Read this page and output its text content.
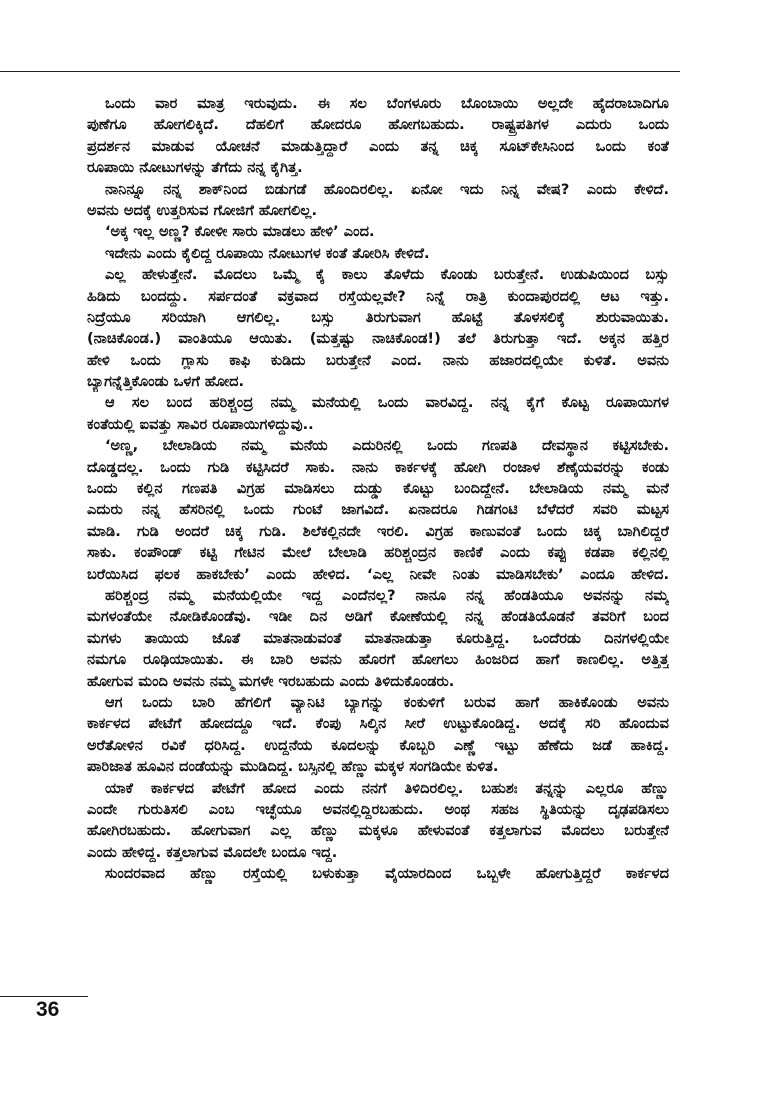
ಒಂದು ವಾರ ಮಾತ್ರ ಇರುವುದು. ಈ ಸಲ ಬೆಂಗಳೂರು ಬೊಂಬಾಯಿ ಅಲ್ಲದೇ ಹೈದರಾಬಾದಿಗೂ
ಪುಣೆಗೂ ಹೋಗಲಿಕ್ಕಿದೆ. ದೆಹಲಿಗೆ ಹೋದರೂ ಹೋಗಬಹುದು. ರಾಷ್ಟ್ರಪತಿಗಳ ಎದುರು ಒಂದು
ಪ್ರದರ್ಶನ ಮಾಡುವ ಯೋಚನೆ ಮಾಡುತ್ತಿದ್ದಾರೆ ಎಂದು ತನ್ನ ಚಿಕ್ಕ ಸೂಟ್‌ಕೇಸಿನಿಂದ ಒಂದು ಕಂತೆ
ರೂಪಾಯಿ ನೋಟುಗಳನ್ನು ತೆಗೆದು ನನ್ನ ಕೈಗಿತ್ತ.
ನಾನಿನ್ನೂ ನನ್ನ ಶಾಕ್‌ನಿಂದ ಬಿಡುಗಡೆ ಹೊಂದಿರಲಿಲ್ಲ. ಏನೋ ಇದು ನಿನ್ನ ವೇಷ? ಎಂದು ಕೇಳಿದೆ.
ಅವನು ಅದಕ್ಕೆ ಉತ್ತರಿಸುವ ಗೋಜಿಗೆ ಹೋಗಲಿಲ್ಲ.
‘ಅಕ್ಕ ಇಲ್ಲ ಅಣ್ಣ? ಕೋಳೀ ಸಾರು ಮಾಡಲು ಹೇಳಿ’ ಎಂದ.
ಇದೇನು ಎಂದು ಕೈಲಿದ್ದ ರೂಪಾಯಿ ನೋಟುಗಳ ಕಂತೆ ತೋರಿಸಿ ಕೇಳಿದೆ.
ಎಲ್ಲ ಹೇಳುತ್ತೇನೆ. ಮೊದಲು ಒಮ್ಮೆ ಕೈ ಕಾಲು ತೊಳೆದು ಕೊಂಡು ಬರುತ್ತೇನೆ. ಉಡುಪಿಯಿಂದ ಬಸ್ಸು
ಹಿಡಿದು ಬಂದದ್ದು. ಸರ್ಪದಂತೆ ವಕ್ರವಾದ ರಸ್ತೆಯಲ್ಲವೇ? ನಿನ್ನೆ ರಾತ್ರಿ ಕುಂದಾಪುರದಲ್ಲಿ ಆಟ ಇತ್ತು.
ನಿದ್ರೆಯೂ ಸರಿಯಾಗಿ ಆಗಲಿಲ್ಲ. ಬಸ್ಸು ತಿರುಗುವಾಗ ಹೊಟ್ಟೆ ತೊಳಸಲಿಕ್ಕೆ ಶುರುವಾಯಿತು.
(ನಾಚಿಕೊಂಡ.) ವಾಂತಿಯೂ ಆಯಿತು. (ಮತ್ತಷ್ಟು ನಾಚಿಕೊಂಡ!) ತಲೆ ತಿರುಗುತ್ತಾ ಇದೆ. ಅಕ್ಕನ ಹತ್ತಿರ
ಹೇಳಿ ಒಂದು ಗ್ಲಾಸು ಕಾಫಿ ಕುಡಿದು ಬರುತ್ತೇನೆ ಎಂದ. ನಾನು ಹಜಾರದಲ್ಲಿಯೇ ಕುಳಿತೆ. ಅವನು
ಬ್ಯಾಗನ್ನೆತ್ತಿಕೊಂಡು ಒಳಗೆ ಹೋದ.
ಆ ಸಲ ಬಂದ ಹರಿಶ್ಚಂದ್ರ ನಮ್ಮ ಮನೆಯಲ್ಲಿ ಒಂದು ವಾರವಿದ್ದ. ನನ್ನ ಕೈಗೆ ಕೊಟ್ಟ ರೂಪಾಯಿಗಳ
ಕಂತೆಯಲ್ಲಿ ಐವತ್ತು ಸಾವಿರ ರೂಪಾಯಿಗಳಿದ್ದುವು..
‘ಅಣ್ಣ, ಬೇಲಾಡಿಯ ನಮ್ಮ ಮನೆಯ ಎದುರಿನಲ್ಲಿ ಒಂದು ಗಣಪತಿ ದೇವಸ್ಥಾನ ಕಟ್ಟಿಸಬೇಕು.
ದೊಡ್ಡದಲ್ಲ. ಒಂದು ಗುಡಿ ಕಟ್ಟಿಸಿದರೆ ಸಾಕು. ನಾನು ಕಾರ್ಕಳಕ್ಕೆ ಹೋಗಿ ರಂಜಾಳ ಶೆಣೈಯವರನ್ನು ಕಂಡು
ಒಂದು ಕಲ್ಲಿನ ಗಣಪತಿ ವಿಗ್ರಹ ಮಾಡಿಸಲು ದುಡ್ಡು ಕೊಟ್ಟು ಬಂದಿದ್ದೇನೆ. ಬೇಲಾಡಿಯ ನಮ್ಮ ಮನೆ
ಎದುರು ನನ್ನ ಹೆಸರಿನಲ್ಲಿ ಒಂದು ಗುಂಟೆ ಜಾಗವಿದೆ. ಏನಾದರೂ ಗಿಡಗಂಟಿ ಬೆಳೆದರೆ ಸವರಿ ಮಟ್ಟಸ
ಮಾಡಿ. ಗುಡಿ ಅಂದರೆ ಚಿಕ್ಕ ಗುಡಿ. ಶಿಲೆಕಲ್ಲಿನದೇ ಇರಲಿ. ವಿಗ್ರಹ ಕಾಣುವಂತೆ ಒಂದು ಚಿಕ್ಕ ಬಾಗಿಲಿದ್ದರೆ
ಸಾಕು. ಕಂಪೌಂಡ್ ಕಟ್ಟಿ ಗೇಟಿನ ಮೇಲೆ ಬೇಲಾಡಿ ಹರಿಶ್ಚಂದ್ರನ ಕಾಣಿಕೆ ಎಂದು ಕಪ್ಪು ಕಡಪಾ ಕಲ್ಲಿನಲ್ಲಿ
ಬರೆಯಿಸಿದ ಫಲಕ ಹಾಕಬೇಕು’ ಎಂದು ಹೇಳಿದ. ‘ಎಲ್ಲ ನೀವೇ ನಿಂತು ಮಾಡಿಸಬೇಕು’ ಎಂದೂ ಹೇಳಿದ.
ಹರಿಶ್ಚಂದ್ರ ನಮ್ಮ ಮನೆಯಲ್ಲಿಯೇ ಇದ್ದ ಎಂದೆನಲ್ಲ? ನಾನೂ ನನ್ನ ಹೆಂಡತಿಯೂ ಅವನನ್ನು ನಮ್ಮ
ಮಗಳಂತೆಯೇ ನೋಡಿಕೊಂಡೆವು. ಇಡೀ ದಿನ ಅಡಿಗೆ ಕೋಣೆಯಲ್ಲಿ ನನ್ನ ಹೆಂಡತಿಯೊಡನೆ ತವರಿಗೆ ಬಂದ
ಮಗಳು ತಾಯಿಯ ಜೊತೆ ಮಾತನಾಡುವಂತೆ ಮಾತನಾಡುತ್ತಾ ಕೂರುತ್ತಿದ್ದ. ಒಂದೆರಡು ದಿನಗಳಲ್ಲಿಯೇ
ನಮಗೂ ರೂಢಿಯಾಯಿತು. ಈ ಬಾರಿ ಅವನು ಹೊರಗೆ ಹೋಗಲು ಹಿಂಜರಿದ ಹಾಗೆ ಕಾಣಲಿಲ್ಲ. ಅತ್ತಿತ್ತ
ಹೋಗುವ ಮಂದಿ ಅವನು ನಮ್ಮ ಮಗಳೇ ಇರಬಹುದು ಎಂದು ತಿಳಿದುಕೊಂಡರು.
ಆಗ ಒಂದು ಬಾರಿ ಹೆಗಲಿಗೆ ವ್ಯಾನಿಟಿ ಬ್ಯಾಗನ್ನು ಕಂಕುಳಿಗೆ ಬರುವ ಹಾಗೆ ಹಾಕಿಕೊಂಡು ಅವನು
ಕಾರ್ಕಳದ ಪೇಟೆಗೆ ಹೋದದ್ದೂ ಇದೆ. ಕೆಂಪು ಸಿಲ್ಕಿನ ಸೀರೆ ಉಟ್ಟುಕೊಂಡಿದ್ದ. ಅದಕ್ಕೆ ಸರಿ ಹೊಂದುವ
ಅರೆತೋಳಿನ ರವಿಕೆ ಧರಿಸಿದ್ದ. ಉದ್ದನೆಯ ಕೂದಲನ್ನು ಕೊಬ್ಬರಿ ಎಣ್ಣೆ ಇಟ್ಟು ಹೆಣೆದು ಜಡೆ ಹಾಕಿದ್ದ.
ಪಾರಿಜಾತ ಹೂವಿನ ದಂಡೆಯನ್ನು ಮುಡಿದಿದ್ದ. ಬಸ್ಸಿನಲ್ಲಿ ಹೆಣ್ಣು ಮಕ್ಕಳ ಸಂಗಡಿಯೇ ಕುಳಿತ.
ಯಾಕೆ ಕಾರ್ಕಳದ ಪೇಟೆಗೆ ಹೋದ ಎಂದು ನನಗೆ ತಿಳಿದಿರಲಿಲ್ಲ. ಬಹುಶಃ ತನ್ನನ್ನು ಎಲ್ಲರೂ ಹೆಣ್ಣು
ಎಂದೇ ಗುರುತಿಸಲಿ ಎಂಬ ಇಚ್ಛೆಯೂ ಅವನಲ್ಲಿದ್ದಿರಬಹುದು. ಅಂಥ ಸಹಜ ಸ್ಥಿತಿಯನ್ನು ದೃಢಪಡಿಸಲು
ಹೋಗಿರಬಹುದು. ಹೋಗುವಾಗ ಎಲ್ಲ ಹೆಣ್ಣು ಮಕ್ಕಳೂ ಹೇಳುವಂತೆ ಕತ್ತಲಾಗುವ ಮೊದಲು ಬರುತ್ತೇನೆ
ಎಂದು ಹೇಳಿದ್ದ. ಕತ್ತಲಾಗುವ ಮೊದಲೇ ಬಂದೂ ಇದ್ದ.
ಸುಂದರವಾದ ಹೆಣ್ಣು ರಸ್ತೆಯಲ್ಲಿ ಬಳುಕುತ್ತಾ ವೈಯಾರದಿಂದ ಒಬ್ಬಳೇ ಹೋಗುತ್ತಿದ್ದರೆ ಕಾರ್ಕಳದ
36
